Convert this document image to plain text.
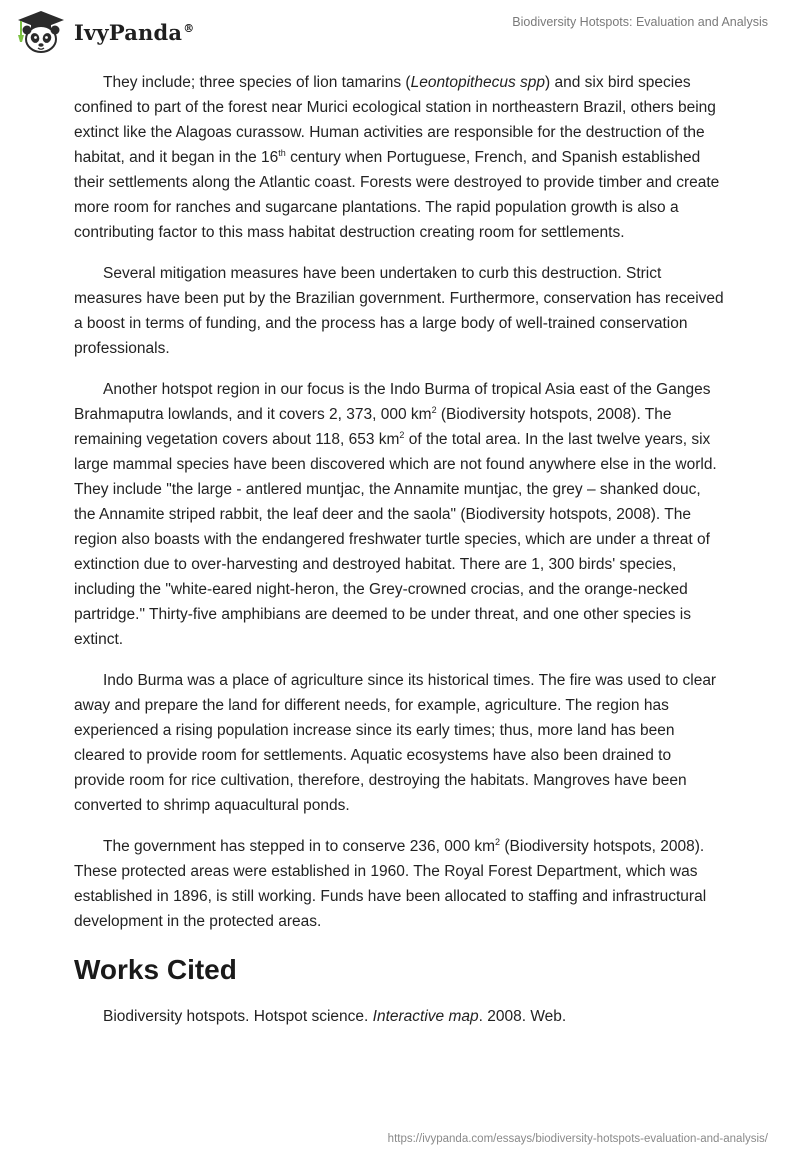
IvyPanda®	Biodiversity Hotspots: Evaluation and Analysis

They include; three species of lion tamarins (Leontopithecus spp) and six bird species confined to part of the forest near Murici ecological station in northeastern Brazil, others being extinct like the Alagoas curassow. Human activities are responsible for the destruction of the habitat, and it began in the 16th century when Portuguese, French, and Spanish established their settlements along the Atlantic coast. Forests were destroyed to provide timber and create more room for ranches and sugarcane plantations. The rapid population growth is also a contributing factor to this mass habitat destruction creating room for settlements.

Several mitigation measures have been undertaken to curb this destruction. Strict measures have been put by the Brazilian government. Furthermore, conservation has received a boost in terms of funding, and the process has a large body of well-trained conservation professionals.

Another hotspot region in our focus is the Indo Burma of tropical Asia east of the Ganges Brahmaputra lowlands, and it covers 2, 373, 000 $km^2$ (Biodiversity hotspots, 2008). The remaining vegetation covers about 118, 653 $km^2$ of the total area. In the last twelve years, six large mammal species have been discovered which are not found anywhere else in the world. They include "the large - antlered muntjac, the Annamite muntjac, the grey – shanked douc, the Annamite striped rabbit, the leaf deer and the saola" (Biodiversity hotspots, 2008). The region also boasts with the endangered freshwater turtle species, which are under a threat of extinction due to over-harvesting and destroyed habitat. There are 1, 300 birds' species, including the "white-eared night-heron, the Grey-crowned crocias, and the orange-necked partridge." Thirty-five amphibians are deemed to be under threat, and one other species is extinct.

Indo Burma was a place of agriculture since its historical times. The fire was used to clear away and prepare the land for different needs, for example, agriculture. The region has experienced a rising population increase since its early times; thus, more land has been cleared to provide room for settlements. Aquatic ecosystems have also been drained to provide room for rice cultivation, therefore, destroying the habitats. Mangroves have been converted to shrimp aquacultural ponds.

The government has stepped in to conserve 236, 000 $km^2$ (Biodiversity hotspots, 2008). These protected areas were established in 1960. The Royal Forest Department, which was established in 1896, is still working. Funds have been allocated to staffing and infrastructural development in the protected areas.

Works Cited
Biodiversity hotspots. Hotspot science. Interactive map. 2008. Web.
https://ivypanda.com/essays/biodiversity-hotspots-evaluation-and-analysis/
